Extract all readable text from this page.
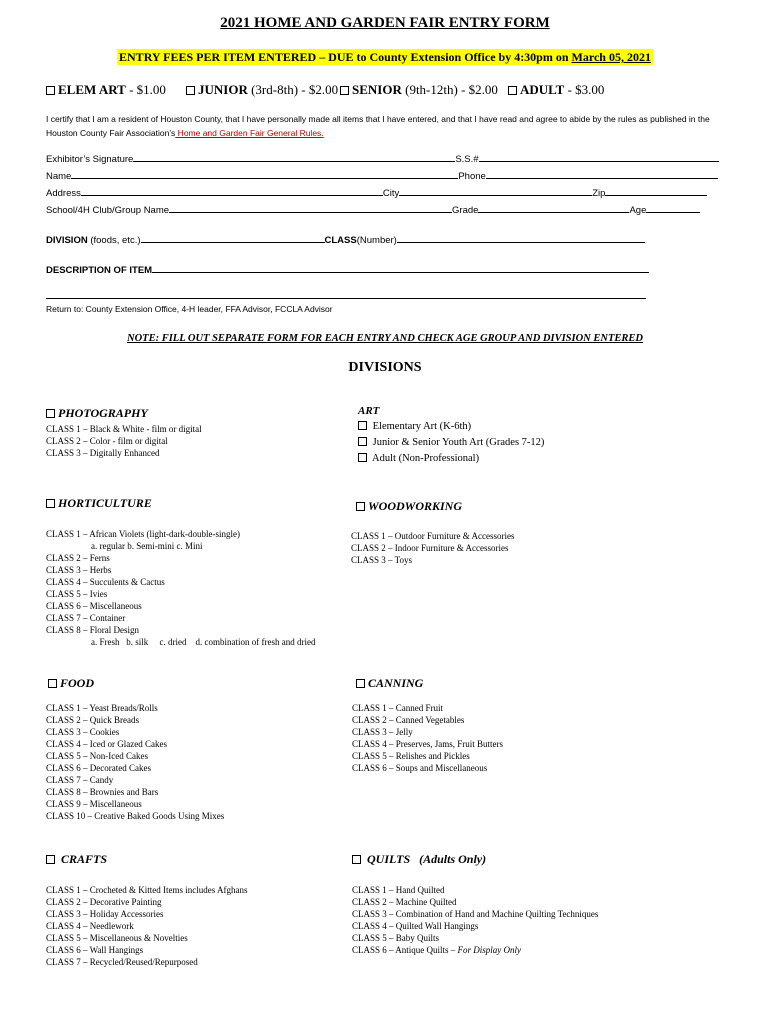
2021 HOME AND GARDEN FAIR ENTRY FORM
ENTRY FEES PER ITEM ENTERED – DUE to County Extension Office by 4:30pm on March 05, 2021
ELEM ART - $1.00	JUNIOR (3rd-8th) - $2.00	SENIOR (9th-12th) - $2.00	ADULT - $3.00
I certify that I am a resident of Houston County, that I have personally made all items that I have entered, and that I have read and agree to abide by the rules as published in the Houston County Fair Association’s Home and Garden Fair General Rules.
Exhibitor’s Signature	S.S.#
Name	Phone
Address	City	Zip
School/4H Club/Group Name	Grade	Age
DIVISION (foods, etc.)	CLASS(Number)
DESCRIPTION OF ITEM
Return to: County Extension Office, 4-H leader, FFA Advisor, FCCLA Advisor
NOTE: FILL OUT SEPARATE FORM FOR EACH ENTRY AND CHECK AGE GROUP AND DIVISION ENTERED
DIVISIONS
PHOTOGRAPHY
CLASS 1 – Black & White - film or digital
CLASS 2 – Color - film or digital
CLASS 3 – Digitally Enhanced
ART
Elementary Art (K-6th)
Junior & Senior Youth Art (Grades 7-12)
Adult (Non-Professional)
HORTICULTURE
CLASS 1 – African Violets (light-dark-double-single)
a. regular b. Semi-mini c. Mini
CLASS 2 – Ferns
CLASS 3 – Herbs
CLASS 4 – Succulents & Cactus
CLASS 5 – Ivies
CLASS 6 – Miscellaneous
CLASS 7 – Container
CLASS 8 – Floral Design
a. Fresh   b. silk     c. dried    d. combination of fresh and dried
WOODWORKING
CLASS 1 – Outdoor Furniture & Accessories
CLASS 2 – Indoor Furniture & Accessories
CLASS 3 – Toys
FOOD
CLASS 1 – Yeast Breads/Rolls
CLASS 2 – Quick Breads
CLASS 3 – Cookies
CLASS 4 – Iced or Glazed Cakes
CLASS 5 – Non-Iced Cakes
CLASS 6 – Decorated Cakes
CLASS 7 – Candy
CLASS 8 – Brownies and Bars
CLASS 9 – Miscellaneous
CLASS 10 – Creative Baked Goods Using Mixes
CANNING
CLASS 1 – Canned Fruit
CLASS 2 – Canned Vegetables
CLASS 3 – Jelly
CLASS 4 – Preserves, Jams, Fruit Butters
CLASS 5 – Relishes and Pickles
CLASS 6 – Soups and Miscellaneous
CRAFTS
CLASS 1 – Crocheted & Kitted Items includes Afghans
CLASS 2 – Decorative Painting
CLASS 3 – Holiday Accessories
CLASS 4 – Needlework
CLASS 5 – Miscellaneous & Novelties
CLASS 6 – Wall Hangings
CLASS 7 – Recycled/Reused/Repurposed
QUILTS   (Adults Only)
CLASS 1 – Hand Quilted
CLASS 2 – Machine Quilted
CLASS 3 – Combination of Hand and Machine Quilting Techniques
CLASS 4 – Quilted Wall Hangings
CLASS 5 – Baby Quilts
CLASS 6 – Antique Quilts – For Display Only
